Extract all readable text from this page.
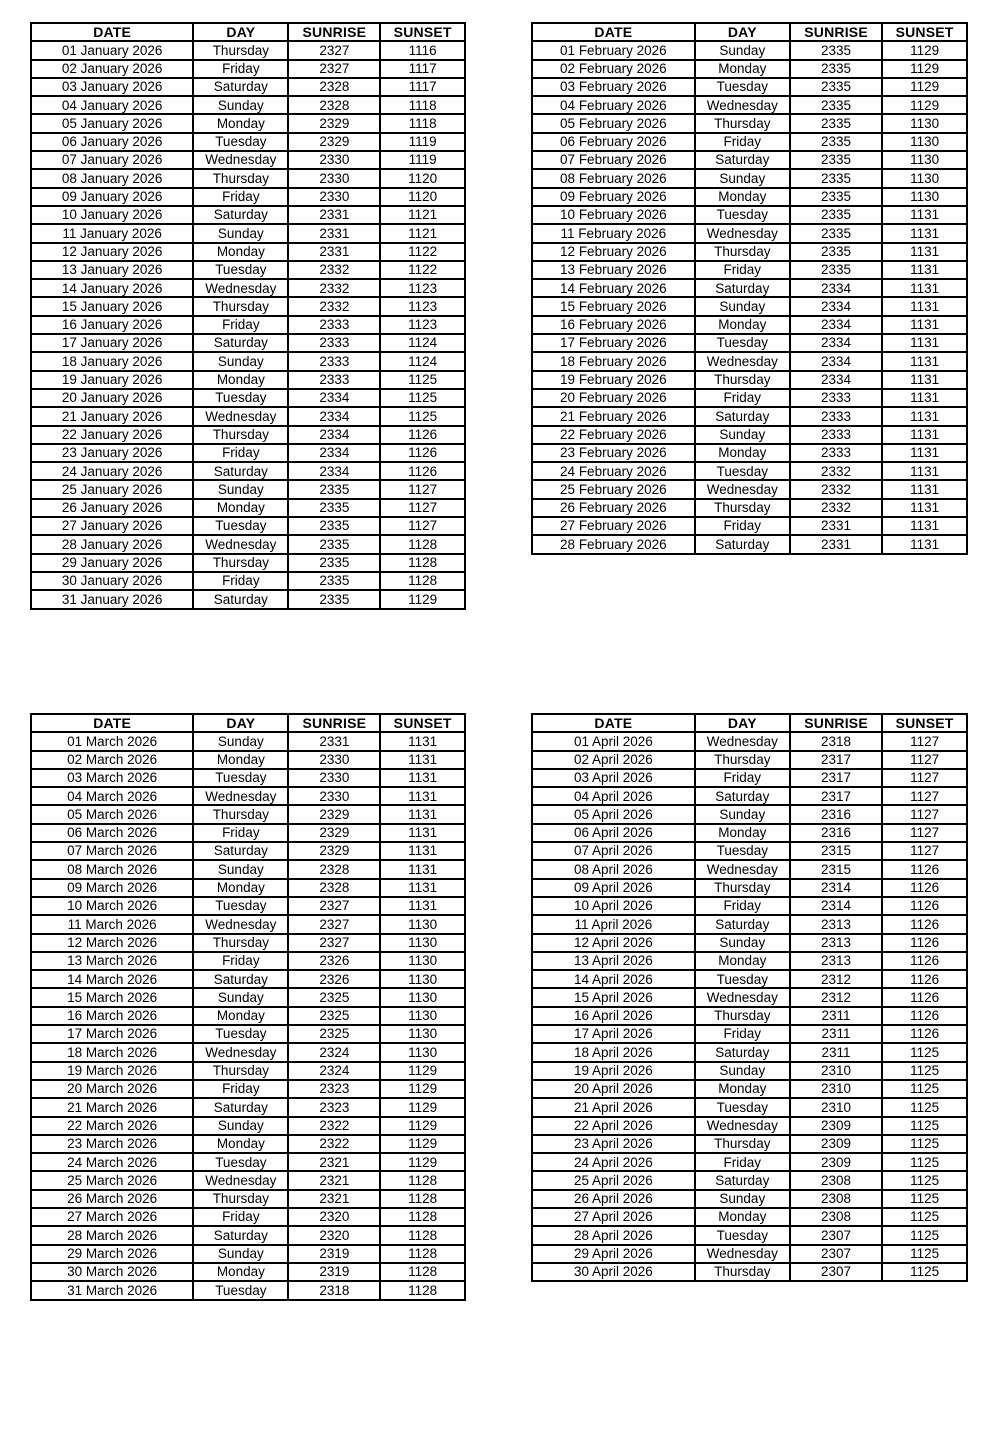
DATE	DAY	SUNRISE	SUNSET
01 January 2026	Thursday	2327	1116
02 January 2026	Friday	2327	1117
03 January 2026	Saturday	2328	1117
04 January 2026	Sunday	2328	1118
05 January 2026	Monday	2329	1118
06 January 2026	Tuesday	2329	1119
07 January 2026	Wednesday	2330	1119
08 January 2026	Thursday	2330	1120
09 January 2026	Friday	2330	1120
10 January 2026	Saturday	2331	1121
11 January 2026	Sunday	2331	1121
12 January 2026	Monday	2331	1122
13 January 2026	Tuesday	2332	1122
14 January 2026	Wednesday	2332	1123
15 January 2026	Thursday	2332	1123
16 January 2026	Friday	2333	1123
17 January 2026	Saturday	2333	1124
18 January 2026	Sunday	2333	1124
19 January 2026	Monday	2333	1125
20 January 2026	Tuesday	2334	1125
21 January 2026	Wednesday	2334	1125
22 January 2026	Thursday	2334	1126
23 January 2026	Friday	2334	1126
24 January 2026	Saturday	2334	1126
25 January 2026	Sunday	2335	1127
26 January 2026	Monday	2335	1127
27 January 2026	Tuesday	2335	1127
28 January 2026	Wednesday	2335	1128
29 January 2026	Thursday	2335	1128
30 January 2026	Friday	2335	1128
31 January 2026	Saturday	2335	1129
DATE	DAY	SUNRISE	SUNSET
01 February 2026	Sunday	2335	1129
02 February 2026	Monday	2335	1129
03 February 2026	Tuesday	2335	1129
04 February 2026	Wednesday	2335	1129
05 February 2026	Thursday	2335	1130
06 February 2026	Friday	2335	1130
07 February 2026	Saturday	2335	1130
08 February 2026	Sunday	2335	1130
09 February 2026	Monday	2335	1130
10 February 2026	Tuesday	2335	1131
11 February 2026	Wednesday	2335	1131
12 February 2026	Thursday	2335	1131
13 February 2026	Friday	2335	1131
14 February 2026	Saturday	2334	1131
15 February 2026	Sunday	2334	1131
16 February 2026	Monday	2334	1131
17 February 2026	Tuesday	2334	1131
18 February 2026	Wednesday	2334	1131
19 February 2026	Thursday	2334	1131
20 February 2026	Friday	2333	1131
21 February 2026	Saturday	2333	1131
22 February 2026	Sunday	2333	1131
23 February 2026	Monday	2333	1131
24 February 2026	Tuesday	2332	1131
25 February 2026	Wednesday	2332	1131
26 February 2026	Thursday	2332	1131
27 February 2026	Friday	2331	1131
28 February 2026	Saturday	2331	1131
DATE	DAY	SUNRISE	SUNSET
01 March 2026	Sunday	2331	1131
02 March 2026	Monday	2330	1131
03 March 2026	Tuesday	2330	1131
04 March 2026	Wednesday	2330	1131
05 March 2026	Thursday	2329	1131
06 March 2026	Friday	2329	1131
07 March 2026	Saturday	2329	1131
08 March 2026	Sunday	2328	1131
09 March 2026	Monday	2328	1131
10 March 2026	Tuesday	2327	1131
11 March 2026	Wednesday	2327	1130
12 March 2026	Thursday	2327	1130
13 March 2026	Friday	2326	1130
14 March 2026	Saturday	2326	1130
15 March 2026	Sunday	2325	1130
16 March 2026	Monday	2325	1130
17 March 2026	Tuesday	2325	1130
18 March 2026	Wednesday	2324	1130
19 March 2026	Thursday	2324	1129
20 March 2026	Friday	2323	1129
21 March 2026	Saturday	2323	1129
22 March 2026	Sunday	2322	1129
23 March 2026	Monday	2322	1129
24 March 2026	Tuesday	2321	1129
25 March 2026	Wednesday	2321	1128
26 March 2026	Thursday	2321	1128
27 March 2026	Friday	2320	1128
28 March 2026	Saturday	2320	1128
29 March 2026	Sunday	2319	1128
30 March 2026	Monday	2319	1128
31 March 2026	Tuesday	2318	1128
DATE	DAY	SUNRISE	SUNSET
01 April 2026	Wednesday	2318	1127
02 April 2026	Thursday	2317	1127
03 April 2026	Friday	2317	1127
04 April 2026	Saturday	2317	1127
05 April 2026	Sunday	2316	1127
06 April 2026	Monday	2316	1127
07 April 2026	Tuesday	2315	1127
08 April 2026	Wednesday	2315	1126
09 April 2026	Thursday	2314	1126
10 April 2026	Friday	2314	1126
11 April 2026	Saturday	2313	1126
12 April 2026	Sunday	2313	1126
13 April 2026	Monday	2313	1126
14 April 2026	Tuesday	2312	1126
15 April 2026	Wednesday	2312	1126
16 April 2026	Thursday	2311	1126
17 April 2026	Friday	2311	1126
18 April 2026	Saturday	2311	1125
19 April 2026	Sunday	2310	1125
20 April 2026	Monday	2310	1125
21 April 2026	Tuesday	2310	1125
22 April 2026	Wednesday	2309	1125
23 April 2026	Thursday	2309	1125
24 April 2026	Friday	2309	1125
25 April 2026	Saturday	2308	1125
26 April 2026	Sunday	2308	1125
27 April 2026	Monday	2308	1125
28 April 2026	Tuesday	2307	1125
29 April 2026	Wednesday	2307	1125
30 April 2026	Thursday	2307	1125
